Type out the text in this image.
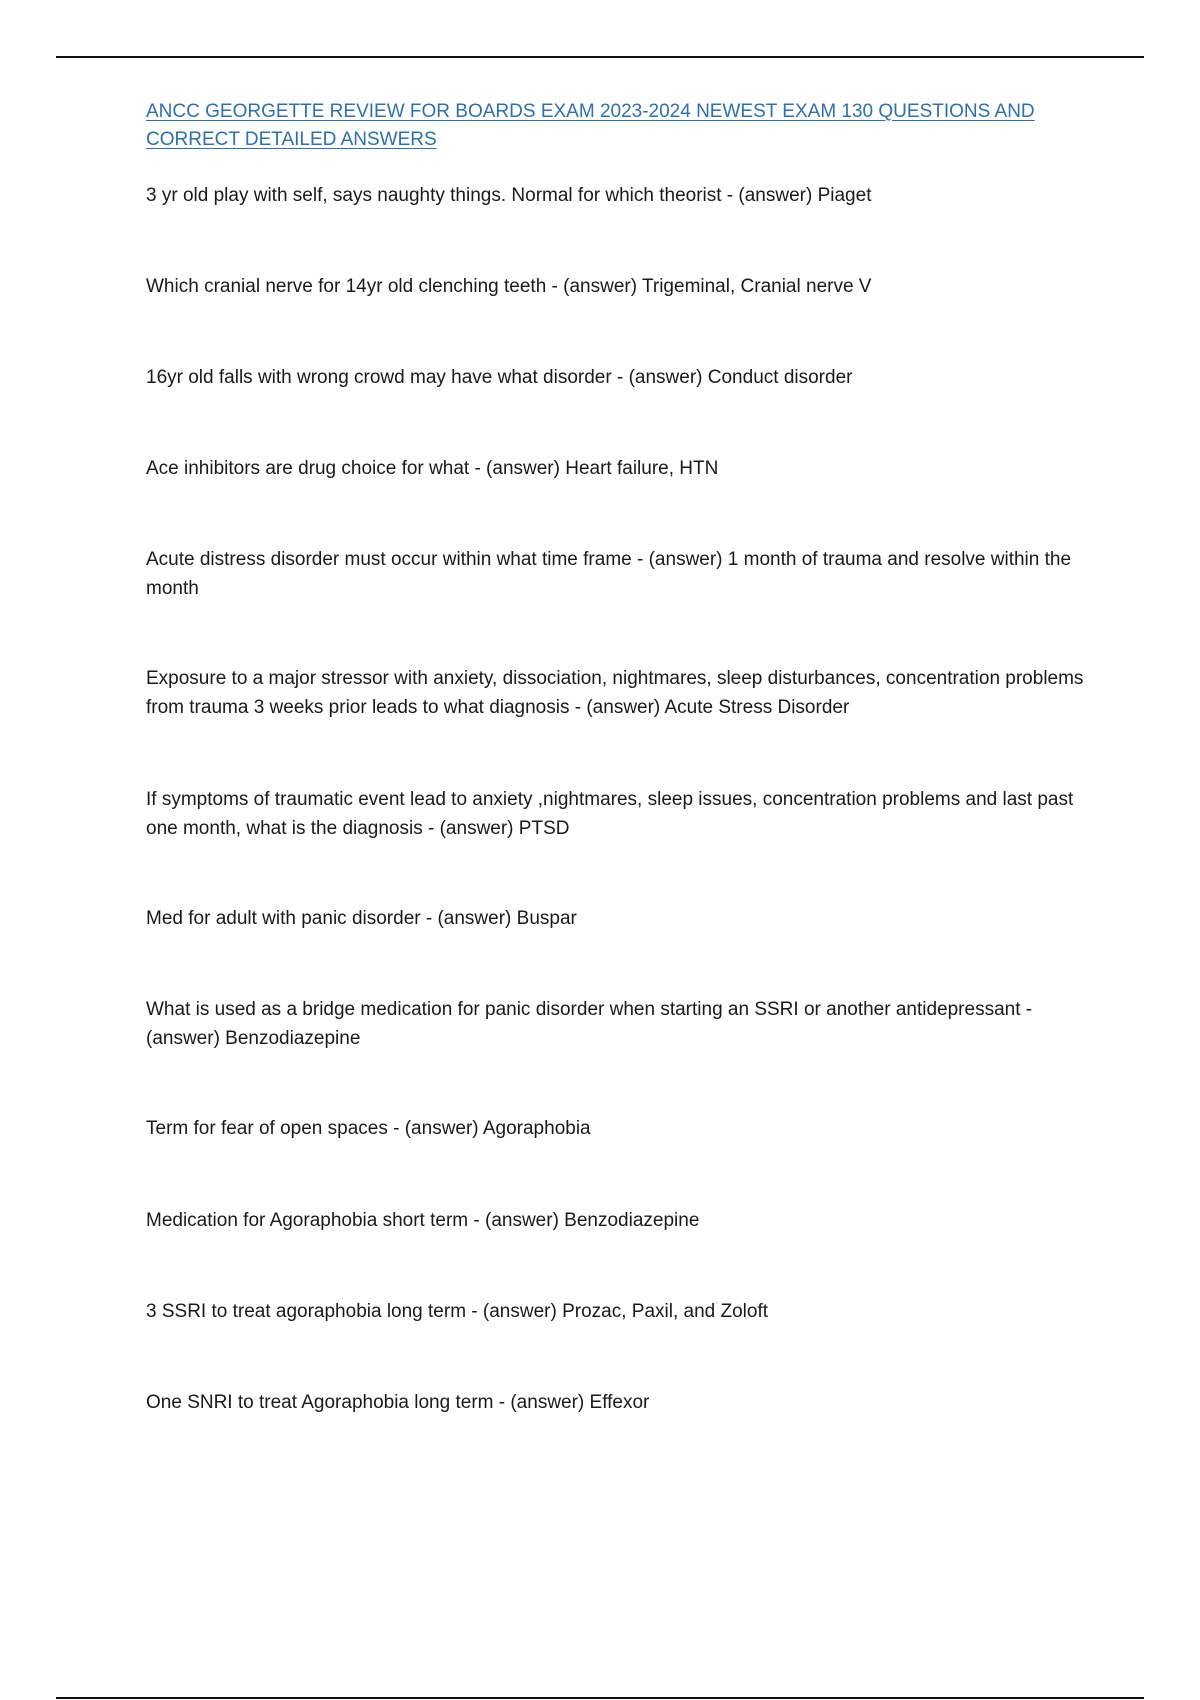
ANCC GEORGETTE REVIEW FOR BOARDS EXAM 2023-2024 NEWEST EXAM 130 QUESTIONS AND CORRECT DETAILED ANSWERS

3 yr old play with self, says naughty things. Normal for which theorist - (answer) Piaget

Which cranial nerve for 14yr old clenching teeth - (answer) Trigeminal, Cranial nerve V

16yr old falls with wrong crowd may have what disorder - (answer) Conduct disorder

Ace inhibitors are drug choice for what - (answer) Heart failure, HTN

Acute distress disorder must occur within what time frame - (answer) 1 month of trauma and resolve within the month

Exposure to a major stressor with anxiety, dissociation, nightmares, sleep disturbances, concentration problems from trauma 3 weeks prior leads to what diagnosis - (answer) Acute Stress Disorder

If symptoms of traumatic event lead to anxiety ,nightmares, sleep issues, concentration problems and last past one month, what is the diagnosis - (answer) PTSD

Med for adult with panic disorder - (answer) Buspar

What is used as a bridge medication for panic disorder when starting an SSRI or another antidepressant - (answer) Benzodiazepine

Term for fear of open spaces - (answer) Agoraphobia

Medication for Agoraphobia short term - (answer) Benzodiazepine

3 SSRI to treat agoraphobia long term - (answer) Prozac, Paxil, and Zoloft

One SNRI to treat Agoraphobia long term - (answer) Effexor
